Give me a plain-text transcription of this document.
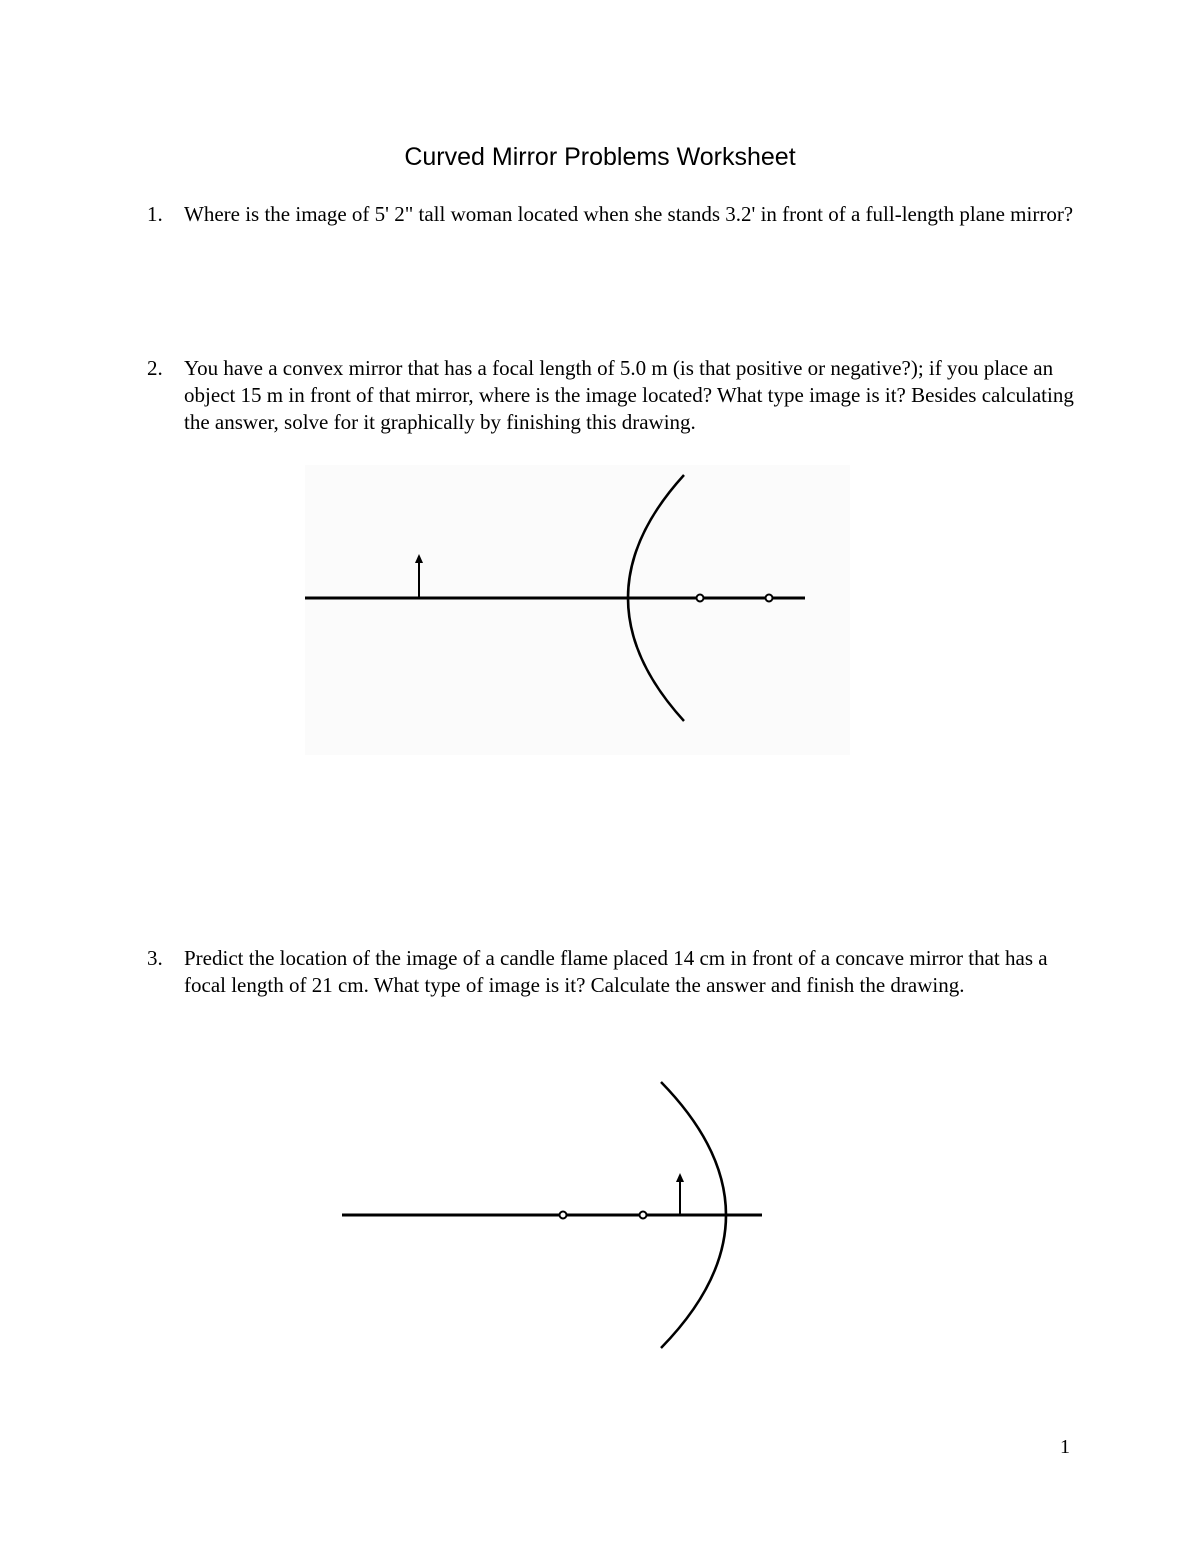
Curved Mirror Problems Worksheet
1. Where is the image of 5' 2" tall woman located when she stands 3.2' in front of a full-length plane mirror?
2. You have a convex mirror that has a focal length of 5.0 m (is that positive or negative?); if you place an object 15 m in front of that mirror, where is the image located? What type image is it? Besides calculating the answer, solve for it graphically by finishing this drawing.
3. Predict the location of the image of a candle flame placed 14 cm in front of a concave mirror that has a focal length of 21 cm. What type of image is it? Calculate the answer and finish the drawing.
1
